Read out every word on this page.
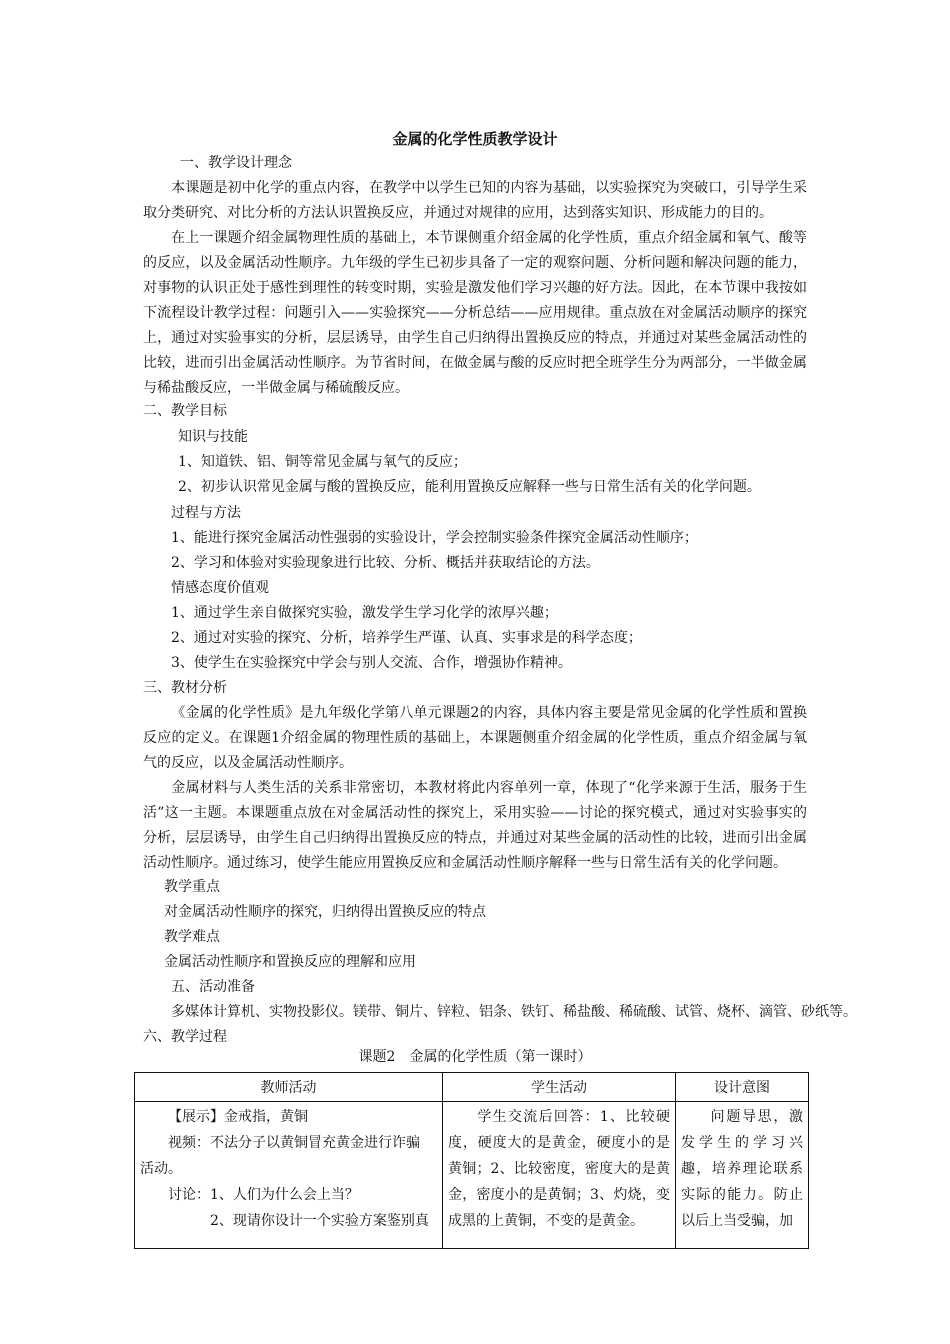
金属的化学性质教学设计
一、教学设计理念
本课题是初中化学的重点内容，在教学中以学生已知的内容为基础，以实验探究为突破口，引导学生采取分类研究、对比分析的方法认识置换反应，并通过对规律的应用，达到落实知识、形成能力的目的。
在上一课题介绍金属物理性质的基础上，本节课侧重介绍金属的化学性质，重点介绍金属和氧气、酸等的反应，以及金属活动性顺序。九年级的学生已初步具备了一定的观察问题、分析问题和解决问题的能力，对事物的认识正处于感性到理性的转变时期，实验是激发他们学习兴趣的好方法。因此，在本节课中我按如下流程设计教学过程：问题引入——实验探究——分析总结——应用规律。重点放在对金属活动顺序的探究上，通过对实验事实的分析，层层诱导，由学生自己归纳得出置换反应的特点，并通过对某些金属活动性的比较，进而引出金属活动性顺序。为节省时间，在做金属与酸的反应时把全班学生分为两部分，一半做金属与稀盐酸反应，一半做金属与稀硫酸反应。
二、教学目标
知识与技能
1、知道铁、铝、铜等常见金属与氧气的反应；
2、初步认识常见金属与酸的置换反应，能利用置换反应解释一些与日常生活有关的化学问题。
过程与方法
1、能进行探究金属活动性强弱的实验设计，学会控制实验条件探究金属活动性顺序；
2、学习和体验对实验现象进行比较、分析、概括并获取结论的方法。
情感态度价值观
1、通过学生亲自做探究实验，激发学生学习化学的浓厚兴趣；
2、通过对实验的探究、分析，培养学生严谨、认真、实事求是的科学态度；
3、使学生在实验探究中学会与别人交流、合作，增强协作精神。
三、教材分析
《金属的化学性质》是九年级化学第八单元课题2的内容，具体内容主要是常见金属的化学性质和置换反应的定义。在课题1介绍金属的物理性质的基础上，本课题侧重介绍金属的化学性质，重点介绍金属与氧气的反应，以及金属活动性顺序。
金属材料与人类生活的关系非常密切，本教材将此内容单列一章，体现了“化学来源于生活，服务于生活”这一主题。本课题重点放在对金属活动性的探究上，采用实验——讨论的探究模式，通过对实验事实的分析，层层诱导，由学生自己归纳得出置换反应的特点，并通过对某些金属的活动性的比较，进而引出金属活动性顺序。通过练习，使学生能应用置换反应和金属活动性顺序解释一些与日常生活有关的化学问题。
教学重点
对金属活动性顺序的探究，归纳得出置换反应的特点
教学难点
金属活动性顺序和置换反应的理解和应用
五、活动准备
多媒体计算机、实物投影仪。镁带、铜片、锌粒、铝条、铁钉、稀盐酸、稀硫酸、试管、烧杯、滴管、砂纸等。
六、教学过程
课题2　金属的化学性质（第一课时）
教师活动	学生活动	设计意图

【展示】金戒指，黄铜
视频：不法分子以黄铜冒充黄金进行诈骗
活动。
讨论：1、人们为什么会上当？
2、现请你设计一个实验方案鉴别真	学生交流后回答：1、比较硬度，硬度大的是黄金，硬度小的是黄铜；2、比较密度，密度大的是黄金，密度小的是黄铜；3、灼烧，变成黑的上黄铜，不变的是黄金。	问题导思，激发学生的学习兴趣，培养理论联系实际的能力。防止以后上当受骗，加
